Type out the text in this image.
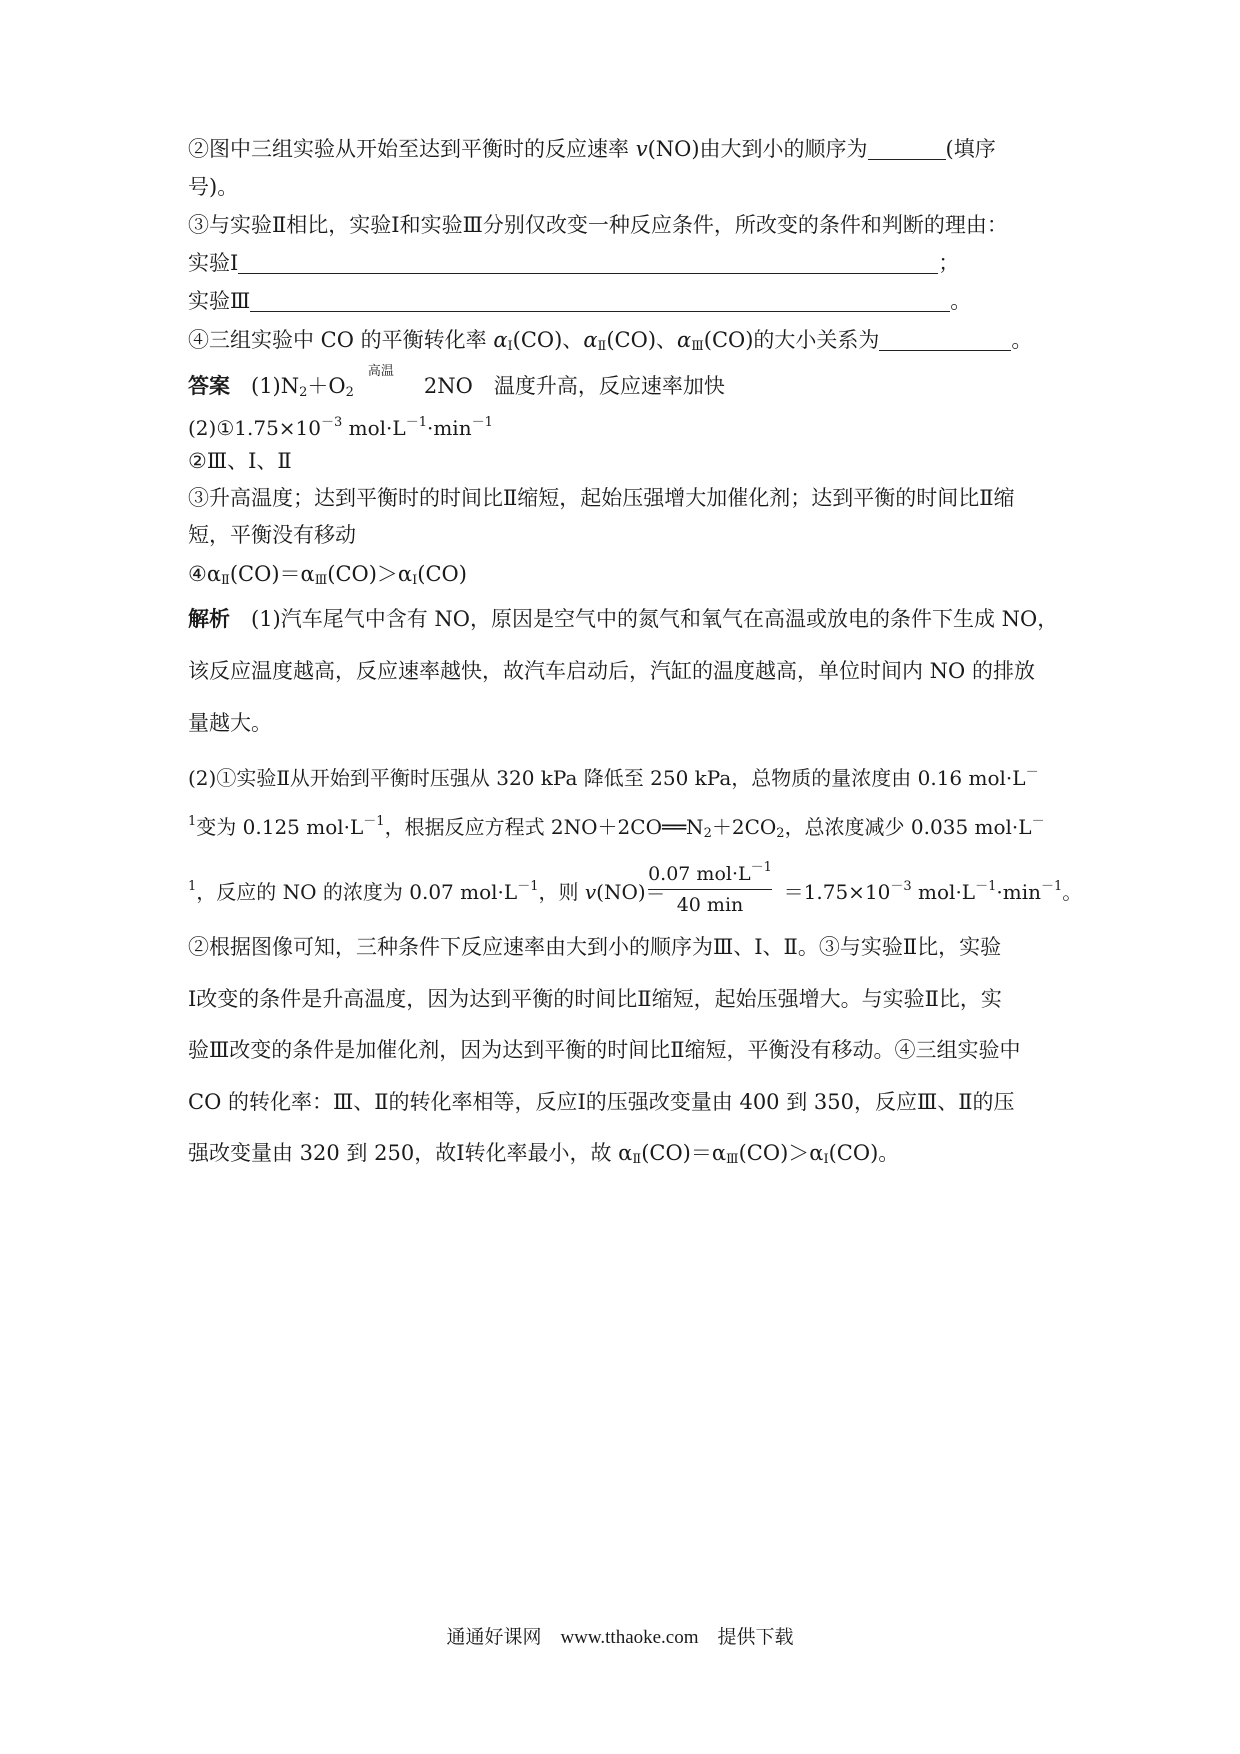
②图中三组实验从开始至达到平衡时的反应速率 v(NO)由大到小的顺序为	(填序
号)。
③与实验Ⅱ相比，实验Ⅰ和实验Ⅲ分别仅改变一种反应条件，所改变的条件和判断的理由：
实验Ⅰ	；
实验Ⅲ	。
④三组实验中 CO 的平衡转化率 $\alpha_Ⅰ(CO)$、$\alpha_Ⅱ(CO)$、$\alpha_Ⅲ(CO)$的大小关系为	。
答案　 $(1)N_2+O_2$
高温
2NO　温度升高，反应速率加快
$(2)①1.75\times 10^{-3}$ $mol\cdot L^{-1}\cdot\min^{-1}$
②Ⅲ、Ⅰ、Ⅱ
③升高温度；达到平衡时的时间比Ⅱ缩短，起始压强增大加催化剂；达到平衡的时间比Ⅱ缩
短，平衡没有移动
$④\alpha_Ⅱ(CO)=\alpha_Ⅲ(CO)>\alpha_Ⅰ(CO)$
解析　 (1)汽车尾气中含有 NO，原因是空气中的氮气和氧气在高温或放电的条件下生成 NO，
该反应温度越高，反应速率越快，故汽车启动后，汽缸的温度越高，单位时间内 NO 的排放
量越大。
(2)①实验Ⅱ从开始到平衡时压强从 320 kPa 降低至 250 kPa，总物质的量浓度由 0.16 mol·L－
$^1$变为 0.125 $mol\cdot L^{-1}$，根据反应方程式 $2NO+2CO══N_2+2CO_2$，总浓度减少 0.035 mol·L－
$^1$，反应的 NO 的浓度为 0.07 $mol\cdot L^{-1}$，则 v(NO)＝	$=1.75\times 10^{-3}$ $mol\cdot L^{-1}\cdot\min^{-1}$。
0.07 $mol\cdot L^{-1}$
40 min
②根据图像可知，三种条件下反应速率由大到小的顺序为Ⅲ、Ⅰ、Ⅱ。③与实验Ⅱ比，实验
Ⅰ改变的条件是升高温度，因为达到平衡的时间比Ⅱ缩短，起始压强增大。与实验Ⅱ比，实
验Ⅲ改变的条件是加催化剂，因为达到平衡的时间比Ⅱ缩短，平衡没有移动。④三组实验中
CO 的转化率：Ⅲ、Ⅱ的转化率相等，反应Ⅰ的压强改变量由 400 到 350，反应Ⅲ、Ⅱ的压
强改变量由 320 到 250，故Ⅰ转化率最小，故 $\alpha_Ⅱ(CO)=\alpha_Ⅲ(CO)>\alpha_Ⅰ(CO)$。
通通好课网　www.tthaoke.com　提供下载
